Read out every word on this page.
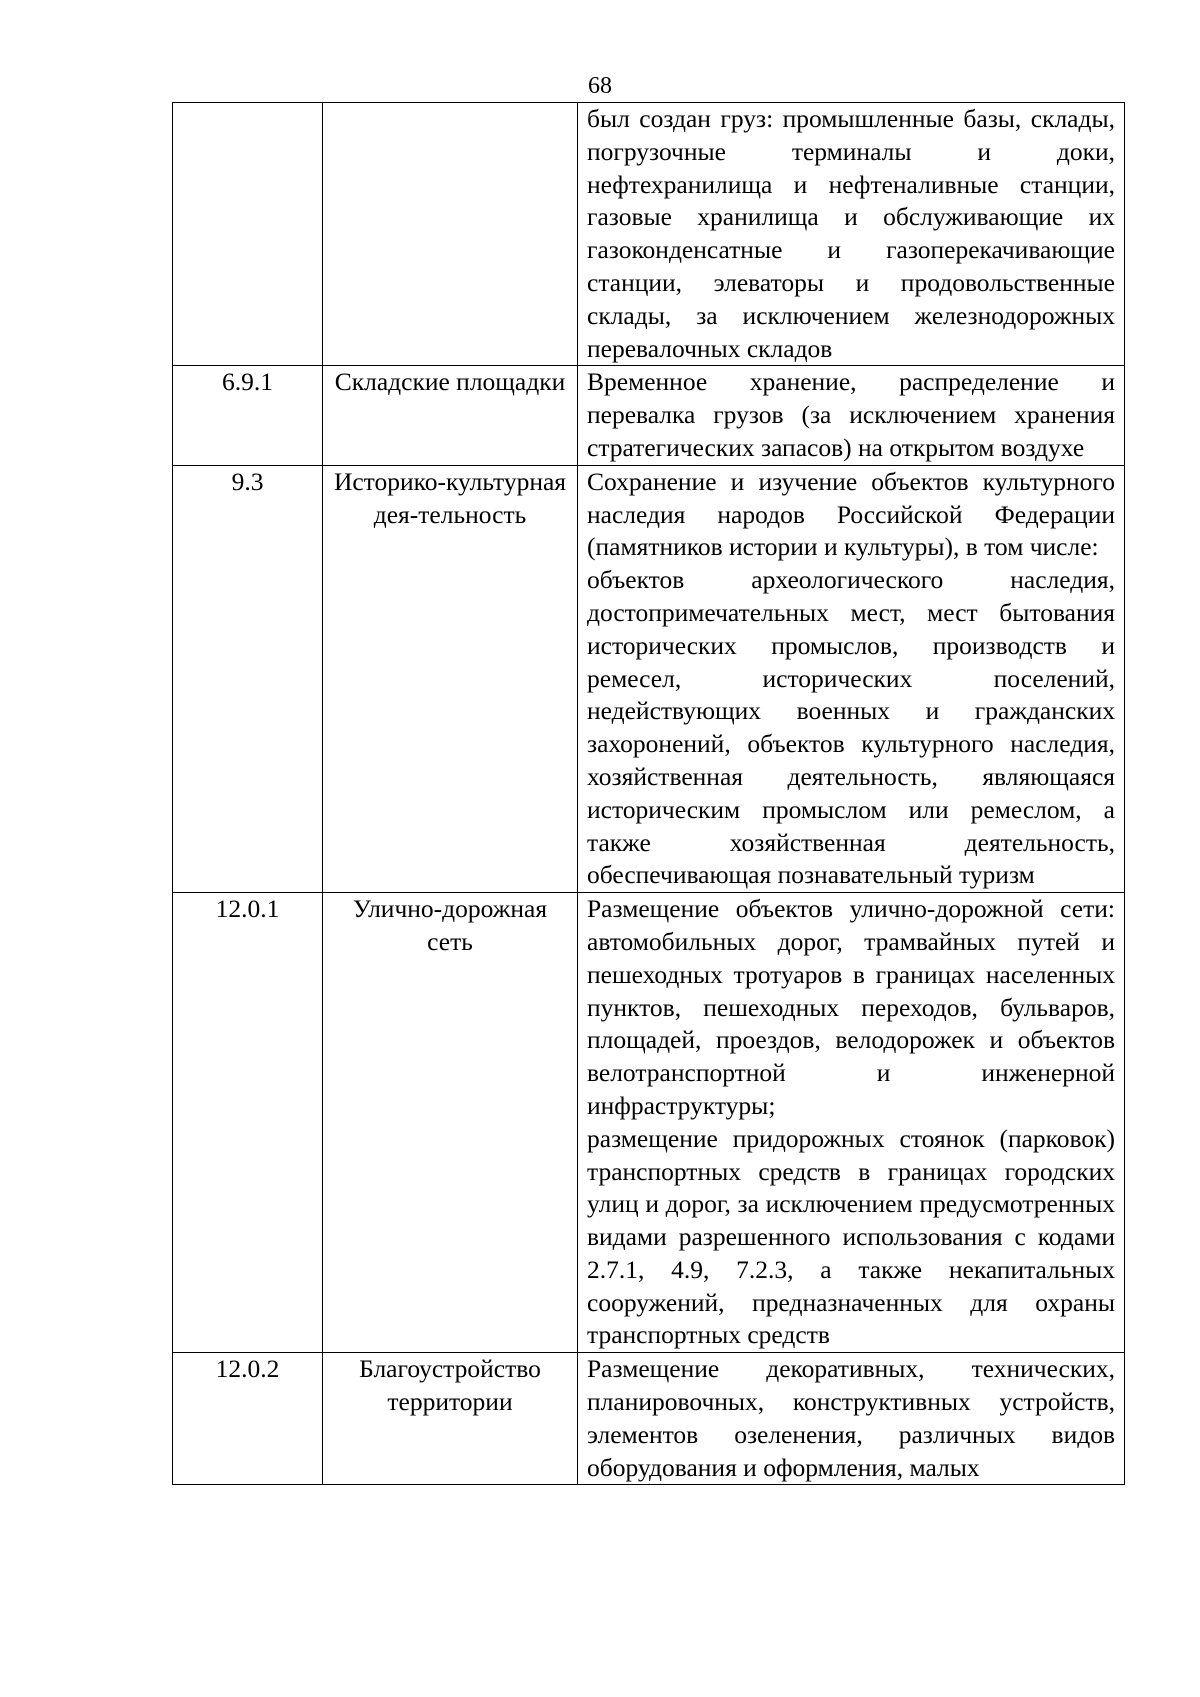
68

		был создан груз: промышленные базы, склады, погрузочные терминалы и доки, нефтехранилища и нефтеналивные станции, газовые хранилища и обслуживающие их газоконденсатные и газоперекачивающие станции, элеваторы и продовольственные склады, за исключением железнодорожных перевалочных складов

6.9.1	Складские площадки	Временное хранение, распределение и перевалка грузов (за исключением хранения стратегических запасов) на открытом воздухе

9.3	Историко-культурная дея-тельность	Сохранение и изучение объектов культурного наследия народов Российской Федерации (памятников истории и культуры), в том числе:
объектов археологического наследия, достопримечательных мест, мест бытования исторических промыслов, производств и ремесел, исторических поселений, недействующих военных и гражданских захоронений, объектов культурного наследия, хозяйственная деятельность, являющаяся историческим промыслом или ремеслом, а также хозяйственная деятельность, обеспечивающая познавательный туризм

12.0.1	Улично-дорожная сеть	Размещение объектов улично-дорожной сети: автомобильных дорог, трамвайных путей и пешеходных тротуаров в границах населенных пунктов, пешеходных переходов, бульваров, площадей, проездов, велодорожек и объектов велотранспортной и инженерной инфраструктуры;
размещение придорожных стоянок (парковок) транспортных средств в границах городских улиц и дорог, за исключением предусмотренных видами разрешенного использования с кодами 2.7.1, 4.9, 7.2.3, а также некапитальных сооружений, предназначенных для охраны транспортных средств

12.0.2	Благоустройство территории	Размещение декоративных, технических, планировочных, конструктивных устройств, элементов озеленения, различных видов оборудования и оформления, малых
